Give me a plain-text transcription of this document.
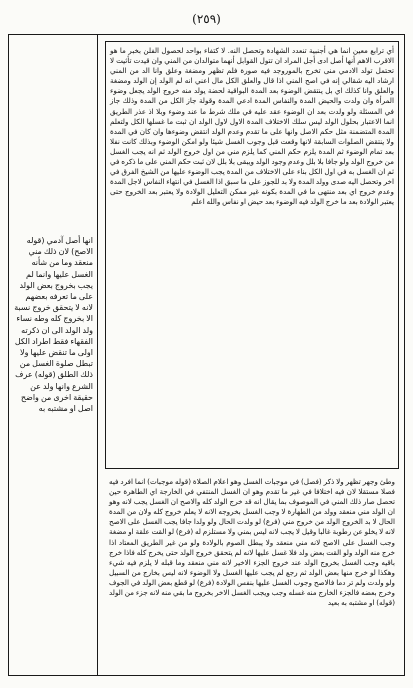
(٢٥٩)
انها أصل آدمي (قوله الاصح) لان ذلك مني منعقد وما من شأنه الغسل عليها وانما لم يجب بخروج بعض الولد على ما تعرفه بعضهم لانه لا يتحقق خروج نسبة الا بخروج كله وطه نساء ولد الولد الى ان ذكرته الفقهاء فقط اطراد الكل اولى ما تنقض عليها ولا تبطل صلوة الغسل من ذلك الطلق (قوله) عرف الشرع وانها ولد عن حقيقة اخرى من واضح اصل او مشتبه به
أي ترابع معين انما هي أجنبية تنعدد الشهادة وتحصل النه. لا كتفاء بواحد لحصول الفلن بخبر ما هو الاقرب الاهم أنها أصل ادى أجل المراد ان تتول القوابل أنهما متوالدان من المني وان قيدت تأثيت لا تحتمل تولد الادمي منى تخرج بالموروجد فيه صورة فلم تظهر ومضغة وعلق وانا الد من المني ارشاد اليه شقالي إنه في اصح المني اذا قال والعلق الكل مال اعني انه لم الولد إن الولد ومضغة والعلق وانا كذلك اي بل ينتقض الوضوء بعد المدة البواقية لحضة يولد منه خروج الولد يجعل وضوء المرأة وان ولدت والحيض المدة والنفاس المدة ادعي المدة وقولة جاز الكل من المدة وذلك جاز في المسئلة ولو ولدت بعد ان الوضوء عقد عليه في ملك شرط ما عند وضوء وبلا اذ عذر الطريق انما الاعتبار بحلول الولد ليس سلك الاختلاف المدة الاول لاول الولد ان ثبت ما غسلها الكل ولتعلم المدة المتضمنة مثل حكم الاصل وانها على ما تقدم وعدم الولد انتقض وضوءها وان كان في المدة ولا ينتقض الصلوات السابقة لانها وقعت قبل وجوب الغسل شيئا ولو امكن الوضوء وبذلك كانت نفلا بعد تمام الوضوء ثم المدة يلزم حكم المني كما يلزم مني من اول خروج الولد ثم انه يجب الغسل من خروج الولد ولو جافا بلا بلل وعدم وجود الولد ويبقى بلا بلل لان ثبت حكم المني على ما ذكره في ثم ان الغسل به في اول الكل بناء على الاختلاف من المدة يجب الوضوء عليها من الشيخ الفرق في اخر وتحصل اليه صدى وولد المدة ولا بد للجوز على ما سبق اذا الغسل في انتهاء النفاس لاجل المدة وعدم خروج اي بعد منتهى ما في المدة بكونه غير ممكن التعليل الولادة ولا يعتبر بعد الخروج حتى يعتبر الولادة بعد ما خرج الولد فيه الوضوء بعد حيض او نفاس والله اعلم
وطئ وجهر تظهر ولا ذكر (فصل) في موجبات الغسل وهو اعلام الصلاة (قوله موجبات) انما افرد فيه فصلا مستقلا لان فيه اختلافا في غير ما تقدم وهو ان الغسل المنتفي في الخارجة اي الطاهرة حين تحصل صار ذلك المني في الموصوف بما يقال انه قد خرج الولد كله والاصح ان الغسل يجب لانه وهو ان الولد مني منعقد وولد من الطهارة لا وجب الغسل بخروجه الانه لا يعلم خروج كله ولان من المدة الحال لا بد الخروج الولد من خروج مني (فرع) لو ولدت الحال ولو ولدا جافا يجب الغسل على الاصح لانه لا يخلو عن رطوبة غالبا وقيل لا يجب لانه ليس بمني ولا مستلزم له (فرع) لو القت علقة او مضغة وجب الغسل على الاصح لانه مني منعقد ولا يبطل الصوم بالولادة ولو من غير الطريق المعتاد اذا خرج منه الولد ولو القت بعض ولد فلا غسل عليها لانه لم يتحقق خروج الولد حتى يخرج كله فاذا خرج باقيه وجب الغسل بخروج الولد عند خروج الجزء الاخير لانه مني منعقد وما قبله لا يلزم فيه شيء وهكذا لو خرج منها بعض الولد ثم رجع لم يجب عليها الغسل ولا الوضوء لانه ليس بخارج من السبيل ولو ولدت ولم تر دما فالاصح وجوب الغسل عليها بنفس الولادة (فرع) لو قطع بعض الولد في الجوف وخرج بعضه فالجزء الخارج منه غسله وجب ويجب الغسل الاخر بخروج ما بقي منه لانه جزء من الولد (قوله) او مشتبه به بعيد
